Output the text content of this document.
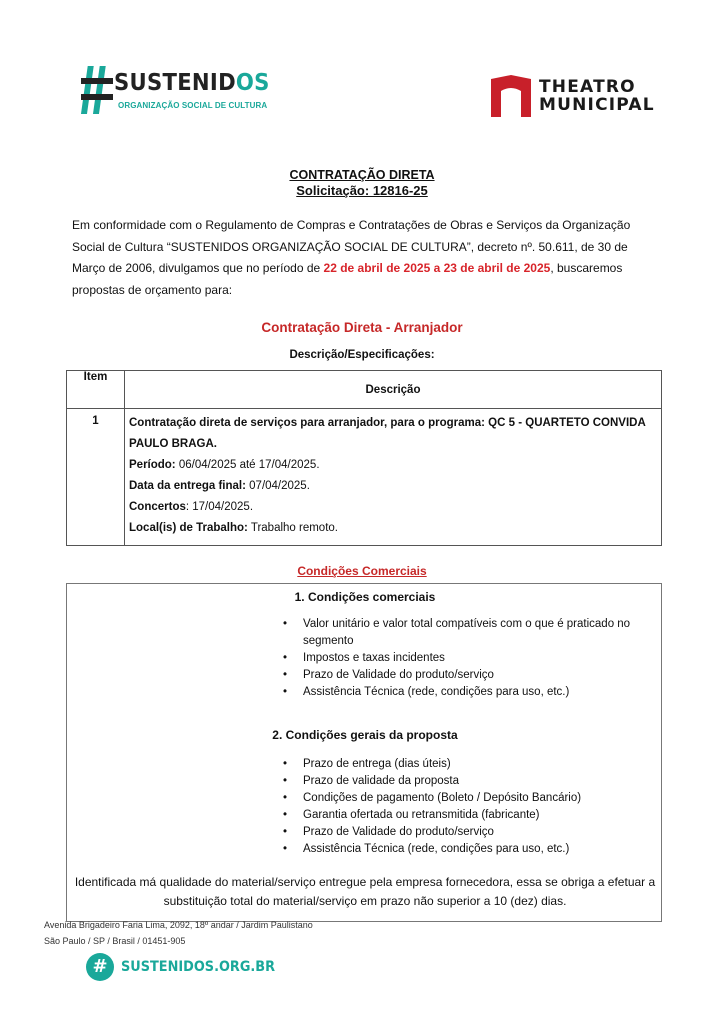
SUSTENIDOS
ORGANIZAÇÃO SOCIAL DE CULTURA
THEATRO
MUNICIPAL
CONTRATAÇÃO DIRETA
Solicitação: 12816-25

Em conformidade com o Regulamento de Compras e Contratações de Obras e Serviços da Organização Social de Cultura “SUSTENIDOS ORGANIZAÇÃO SOCIAL DE CULTURA”, decreto nº. 50.611, de 30 de Março de 2006, divulgamos que no período de 22 de abril de 2025 a 23 de abril de 2025, buscaremos propostas de orçamento para:

Contratação Direta - Arranjador
Descrição/Especificações:
Item	Descrição
1	Contratação direta de serviços para arranjador, para o programa: QC 5 - QUARTETO CONVIDA PAULO BRAGA.
Período: 06/04/2025 até 17/04/2025.
Data da entrega final: 07/04/2025.
Concertos: 17/04/2025.
Local(is) de Trabalho: Trabalho remoto.
Condições Comerciais
1. Condições comerciais
• Valor unitário e valor total compatíveis com o que é praticado no segmento
• Impostos e taxas incidentes
• Prazo de Validade do produto/serviço
• Assistência Técnica (rede, condições para uso, etc.)
2. Condições gerais da proposta
• Prazo de entrega (dias úteis)
• Prazo de validade da proposta
• Condições de pagamento (Boleto / Depósito Bancário)
• Garantia ofertada ou retransmitida (fabricante)
• Prazo de Validade do produto/serviço
• Assistência Técnica (rede, condições para uso, etc.)

Identificada má qualidade do material/serviço entregue pela empresa fornecedora, essa se obriga a efetuar a substituição total do material/serviço em prazo não superior a 10 (dez) dias.

Avenida Brigadeiro Faria Lima, 2092, 18º andar / Jardim Paulistano
São Paulo / SP / Brasil / 01451-905
# SUSTENIDOS.ORG.BR
